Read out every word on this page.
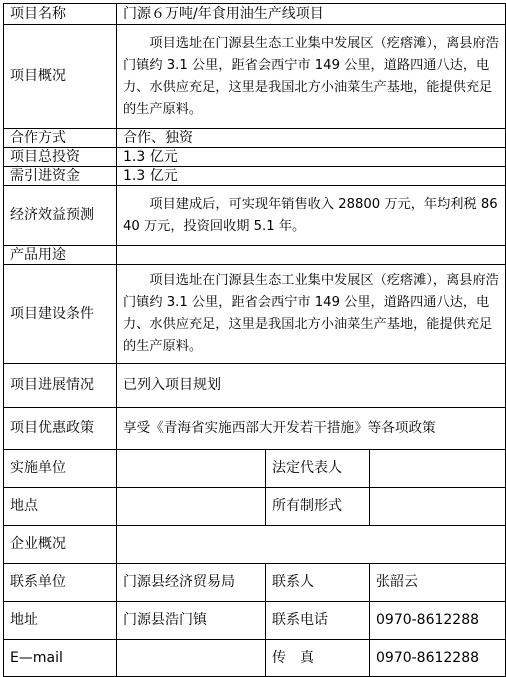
项目名称	门源６万吨/年食用油生产线项目		
项目概况	项目选址在门源县生态工业集中发展区（疙瘩滩），离县府浩门镇约 3.1 公里，距省会西宁市 149 公里，道路四通八达，电力、水供应充足，这里是我国北方小油菜生产基地，能提供充足的生产原料。		
合作方式	合作、独资		
项目总投资	1.3 亿元		
需引进资金	1.3 亿元		
经济效益预测	项目建成后，可实现年销售收入 28800 万元，年均利税 8640 万元，投资回收期 5.1 年。		
产品用途			
项目建设条件	项目选址在门源县生态工业集中发展区（疙瘩滩），离县府浩门镇约 3.1 公里，距省会西宁市 149 公里，道路四通八达，电力、水供应充足，这里是我国北方小油菜生产基地，能提供充足的生产原料。		
项目进展情况	已列入项目规划		
项目优惠政策	享受《青海省实施西部大开发若干措施》等各项政策		
实施单位		法定代表人	
地点		所有制形式	
企业概况			
联系单位	门源县经济贸易局	联系人	张韶云
地址	门源县浩门镇	联系电话	0970-8612288
E—mail		传　真	0970-8612288
